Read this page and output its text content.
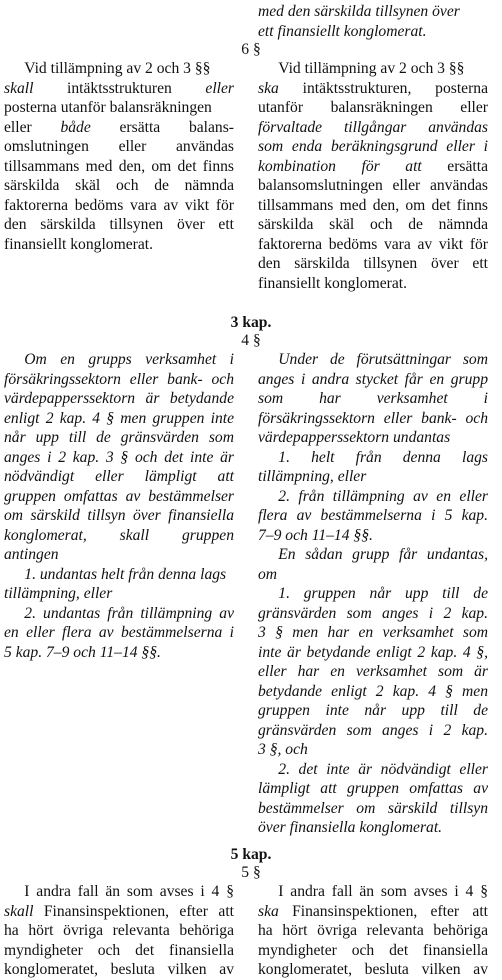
med den särskilda tillsynen över

ett finansiellt konglomerat.

6 §

Vid tillämpning av 2 och 3 §§

skall intäktsstrukturen eller

posterna utanför balansräkningen

eller både ersätta balans-

omslutningen eller användas

tillsammans med den, om det finns

särskilda skäl och de nämnda

faktorerna bedöms vara av vikt för

den särskilda tillsynen över ett

finansiellt konglomerat.

Vid tillämpning av 2 och 3 §§

ska intäktsstrukturen, posterna

utanför balansräkningen eller

förvaltade tillgångar användas

som enda beräkningsgrund eller i

kombination för att ersätta

balansomslutningen eller användas

tillsammans med den, om det finns

särskilda skäl och de nämnda

faktorerna bedöms vara av vikt för

den särskilda tillsynen över ett

finansiellt konglomerat.

3 kap.
4 §

Om en grupps verksamhet i

försäkringssektorn eller bank- och

värdepapperssektorn är betydande

enligt 2 kap. 4 § men gruppen inte

når upp till de gränsvärden som

anges i 2 kap. 3 § och det inte är

nödvändigt eller lämpligt att

gruppen omfattas av bestämmelser

om särskild tillsyn över finansiella

konglomerat, skall gruppen

antingen

1. undantas helt från denna lags

tillämpning, eller

2. undantas från tillämpning av

en eller flera av bestämmelserna i

5 kap. 7–9 och 11–14 §§.

Under de förutsättningar som

anges i andra stycket får en grupp

som har verksamhet i

försäkringssektorn eller bank- och

värdepapperssektorn undantas

1. helt från denna lags

tillämpning, eller

2. från tillämpning av en eller

flera av bestämmelserna i 5 kap.

7–9 och 11–14 §§.

En sådan grupp får undantas,

om

1. gruppen når upp till de

gränsvärden som anges i 2 kap.

3 § men har en verksamhet som

inte är betydande enligt 2 kap. 4 §,

eller har en verksamhet som är

betydande enligt 2 kap. 4 § men

gruppen inte når upp till de

gränsvärden som anges i 2 kap.

3 §, och

2. det inte är nödvändigt eller

lämpligt att gruppen omfattas av

bestämmelser om särskild tillsyn

över finansiella konglomerat.

5 kap.
5 §

I andra fall än som avses i 4 §

skall Finansinspektionen, efter att

ha hört övriga relevanta behöriga

myndigheter och det finansiella

konglomeratet, besluta vilken av

I andra fall än som avses i 4 §

ska Finansinspektionen, efter att

ha hört övriga relevanta behöriga

myndigheter och det finansiella

konglomeratet, besluta vilken av
